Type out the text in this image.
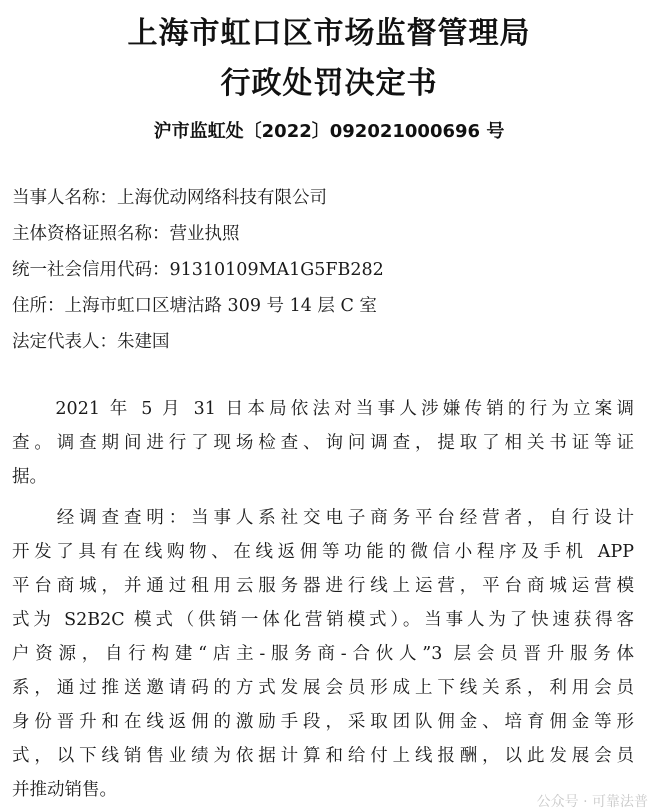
上海市虹口区市场监督管理局
行政处罚决定书
沪市监虹处〔2022〕092021000696 号
当事人名称：上海优动网络科技有限公司
主体资格证照名称：营业执照
统一社会信用代码：91310109MA1G5FB282
住所：上海市虹口区塘沽路 309 号 14 层 C 室
法定代表人：朱建国
　　2021 年 5 月 31 日本局依法对当事人涉嫌传销的行为立案调
查。调查期间进行了现场检查、询问调查，提取了相关书证等证
据。
　　经调查查明：当事人系社交电子商务平台经营者，自行设计
开发了具有在线购物、在线返佣等功能的微信小程序及手机 APP
平台商城，并通过租用云服务器进行线上运营，平台商城运营模
式为 S2B2C 模式（供销一体化营销模式）。当事人为了快速获得客
户资源，自行构建“店主-服务商-合伙人”3 层会员晋升服务体
系，通过推送邀请码的方式发展会员形成上下线关系，利用会员
身份晋升和在线返佣的激励手段，采取团队佣金、培育佣金等形
式，以下线销售业绩为依据计算和给付上线报酬，以此发展会员
并推动销售。
公众号 · 可靠法普
